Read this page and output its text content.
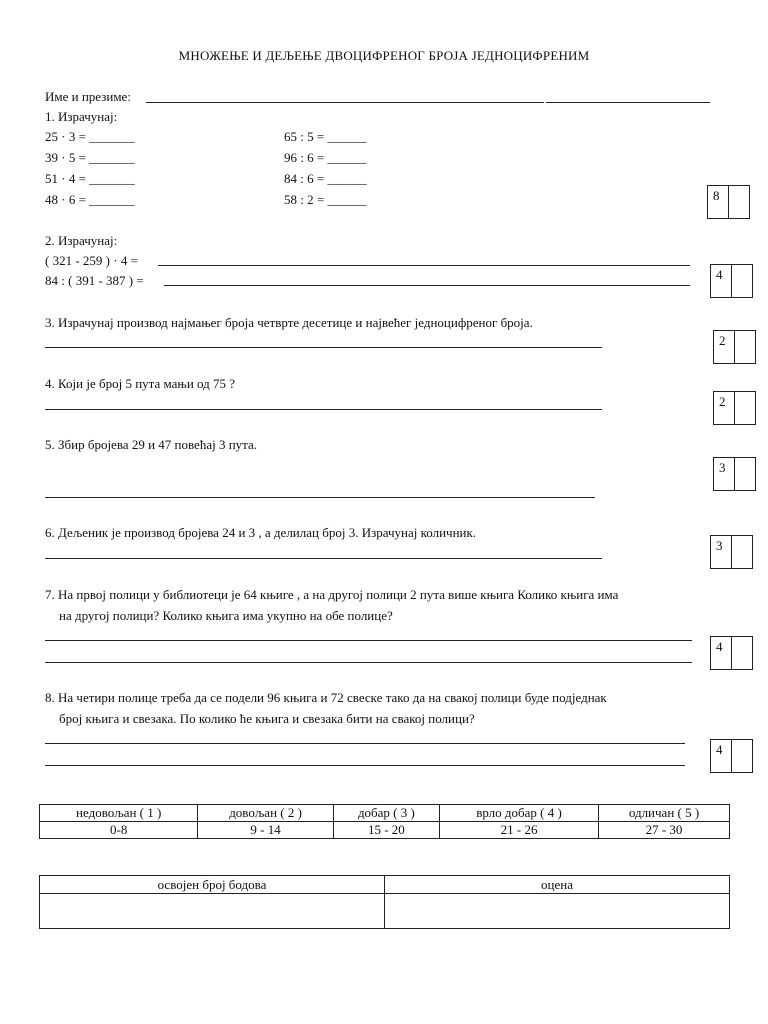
МНОЖЕЊЕ И ДЕЉЕЊЕ ДВОЦИФРЕНОГ БРОЈА ЈЕДНОЦИФРЕНИМ
Име и презиме:
1. Израчунај:
25 · 3 = _______
39 · 5 = _______
51 · 4 = _______
48 · 6 = _______
65 : 5 = ______
96 : 6 = ______
84 : 6 = ______
58 : 2 = ______	8
2. Израчунај:
( 321 - 259 ) · 4 =
84 : ( 391 - 387 ) =	4
3. Израчунај производ најмањег броја четврте десетице и највећег једноцифреног броја.
2
4. Који је број 5 пута мањи од 75 ?
2
5. Збир бројева 29 и 47 повећај 3 пута.
3
6. Дељеник је производ бројева 24 и 3 , а делилац број 3. Израчунај количник.
3
7. На првој полици у библиотеци је 64 књиге , а на другој полици 2 пута више књига Колико књига има
на другој полици? Колико књига има укупно на обе полице?
4
8. На четири полице треба да се подели 96 књига и 72 свеске тако да на свакој полици буде подједнак
број књига и свезака. По колико ће књига и свезака бити на свакој полици?
4
недовољан ( 1 )	довољан ( 2 )	добар ( 3 )	врло добар ( 4 )	одличан ( 5 )
0-8	9 - 14	15 - 20	21 - 26	27 - 30
освојен број бодова	оцена
